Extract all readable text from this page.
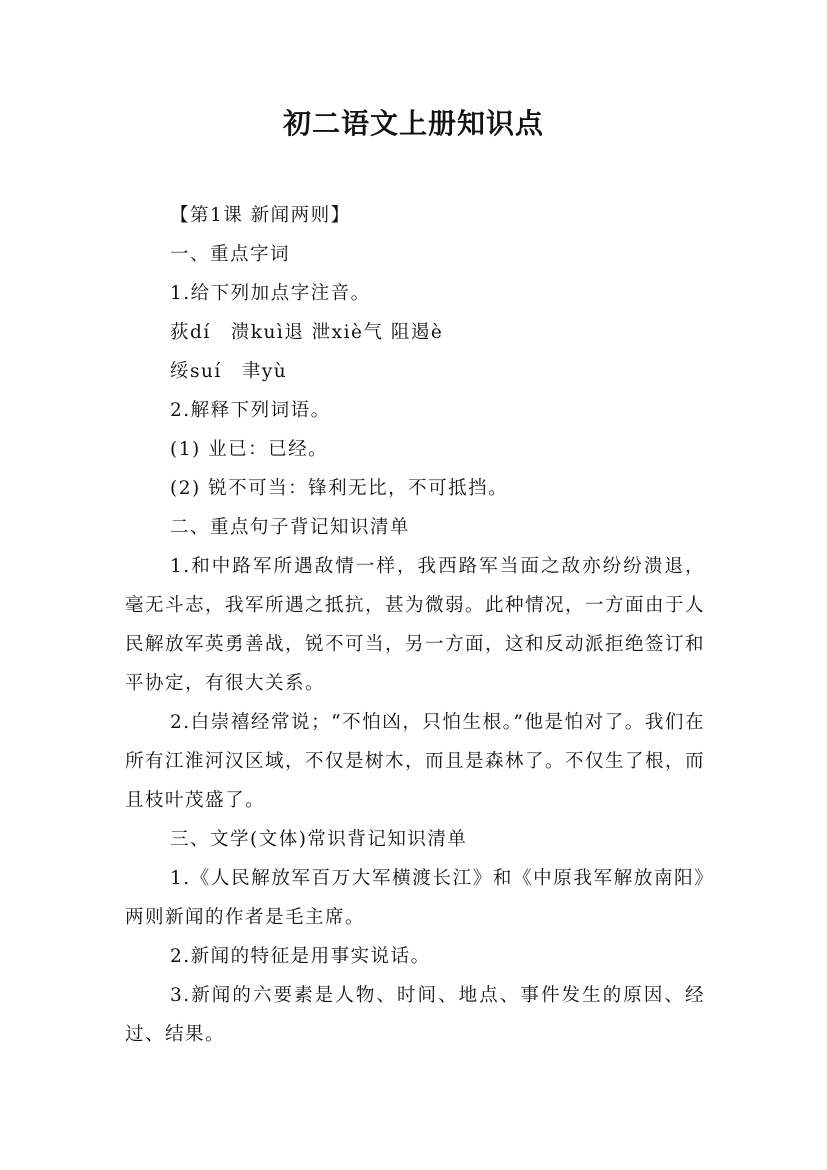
初二语文上册知识点

【第1课 新闻两则】

一、重点字词

1.给下列加点字注音。

荻dí　溃kuì退 泄xiè气 阻遏è

绥suí　聿yù

2.解释下列词语。

(1) 业已：已经。

(2) 锐不可当：锋利无比，不可抵挡。

二、重点句子背记知识清单

1.和中路军所遇敌情一样，我西路军当面之敌亦纷纷溃退，毫无斗志，我军所遇之抵抗，甚为微弱。此种情况，一方面由于人民解放军英勇善战，锐不可当，另一方面，这和反动派拒绝签订和平协定，有很大关系。

2.白崇禧经常说；“不怕凶，只怕生根。”他是怕对了。我们在所有江淮河汉区域，不仅是树木，而且是森林了。不仅生了根，而且枝叶茂盛了。

三、文学(文体)常识背记知识清单

1.《人民解放军百万大军横渡长江》和《中原我军解放南阳》两则新闻的作者是毛主席。

2.新闻的特征是用事实说话。

3.新闻的六要素是人物、时间、地点、事件发生的原因、经过、结果。
